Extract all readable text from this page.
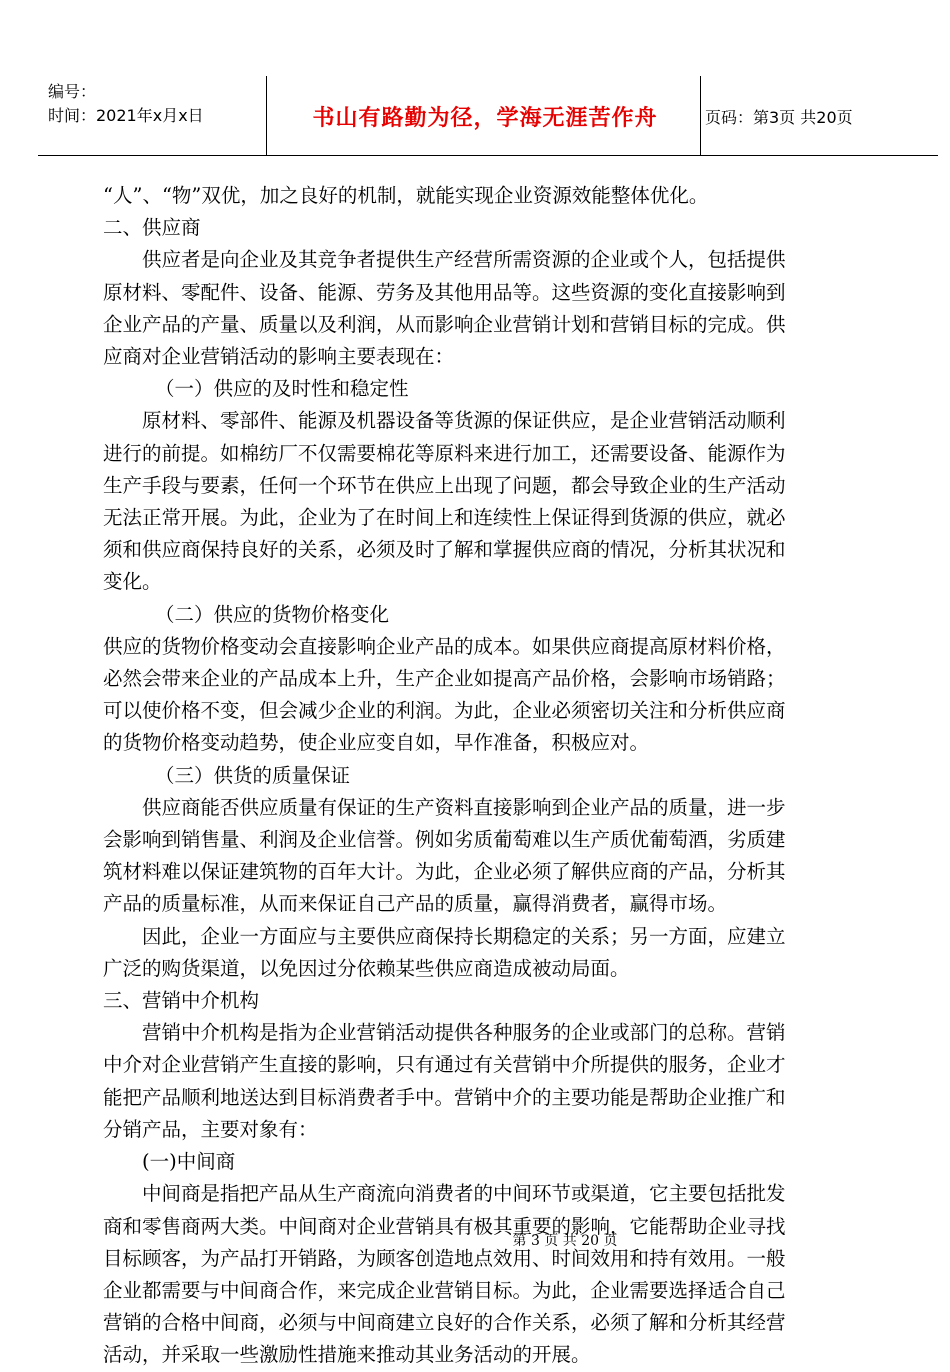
编号：
时间：2021年x月x日	书山有路勤为径，学海无涯苦作舟	页码：第3页 共20页

“人”、“物”双优，加之良好的机制，就能实现企业资源效能整体优化。

二、供应商

供应者是向企业及其竞争者提供生产经营所需资源的企业或个人，包括提供

原材料、零配件、设备、能源、劳务及其他用品等。这些资源的变化直接影响到

企业产品的产量、质量以及利润，从而影响企业营销计划和营销目标的完成。供

应商对企业营销活动的影响主要表现在：

（一）供应的及时性和稳定性

原材料、零部件、能源及机器设备等货源的保证供应，是企业营销活动顺利

进行的前提。如棉纺厂不仅需要棉花等原料来进行加工，还需要设备、能源作为

生产手段与要素，任何一个环节在供应上出现了问题，都会导致企业的生产活动

无法正常开展。为此，企业为了在时间上和连续性上保证得到货源的供应，就必

须和供应商保持良好的关系，必须及时了解和掌握供应商的情况，分析其状况和

变化。

（二）供应的货物价格变化

供应的货物价格变动会直接影响企业产品的成本。如果供应商提高原材料价格，

必然会带来企业的产品成本上升，生产企业如提高产品价格，会影响市场销路；

可以使价格不变，但会减少企业的利润。为此，企业必须密切关注和分析供应商

的货物价格变动趋势，使企业应变自如，早作准备，积极应对。

（三）供货的质量保证

供应商能否供应质量有保证的生产资料直接影响到企业产品的质量，进一步

会影响到销售量、利润及企业信誉。例如劣质葡萄难以生产质优葡萄酒，劣质建

筑材料难以保证建筑物的百年大计。为此，企业必须了解供应商的产品，分析其

产品的质量标准，从而来保证自己产品的质量，赢得消费者，赢得市场。

因此，企业一方面应与主要供应商保持长期稳定的关系；另一方面，应建立

广泛的购货渠道，以免因过分依赖某些供应商造成被动局面。

三、营销中介机构

营销中介机构是指为企业营销活动提供各种服务的企业或部门的总称。营销

中介对企业营销产生直接的影响，只有通过有关营销中介所提供的服务，企业才

能把产品顺利地送达到目标消费者手中。营销中介的主要功能是帮助企业推广和

分销产品，主要对象有：

(一)中间商

中间商是指把产品从生产商流向消费者的中间环节或渠道，它主要包括批发

商和零售商两大类。中间商对企业营销具有极其重要的影响，它能帮助企业寻找

目标顾客，为产品打开销路，为顾客创造地点效用、时间效用和持有效用。一般

企业都需要与中间商合作，来完成企业营销目标。为此，企业需要选择适合自己

营销的合格中间商，必须与中间商建立良好的合作关系，必须了解和分析其经营

活动，并采取一些激励性措施来推动其业务活动的开展。

第 3 页 共 20 页
